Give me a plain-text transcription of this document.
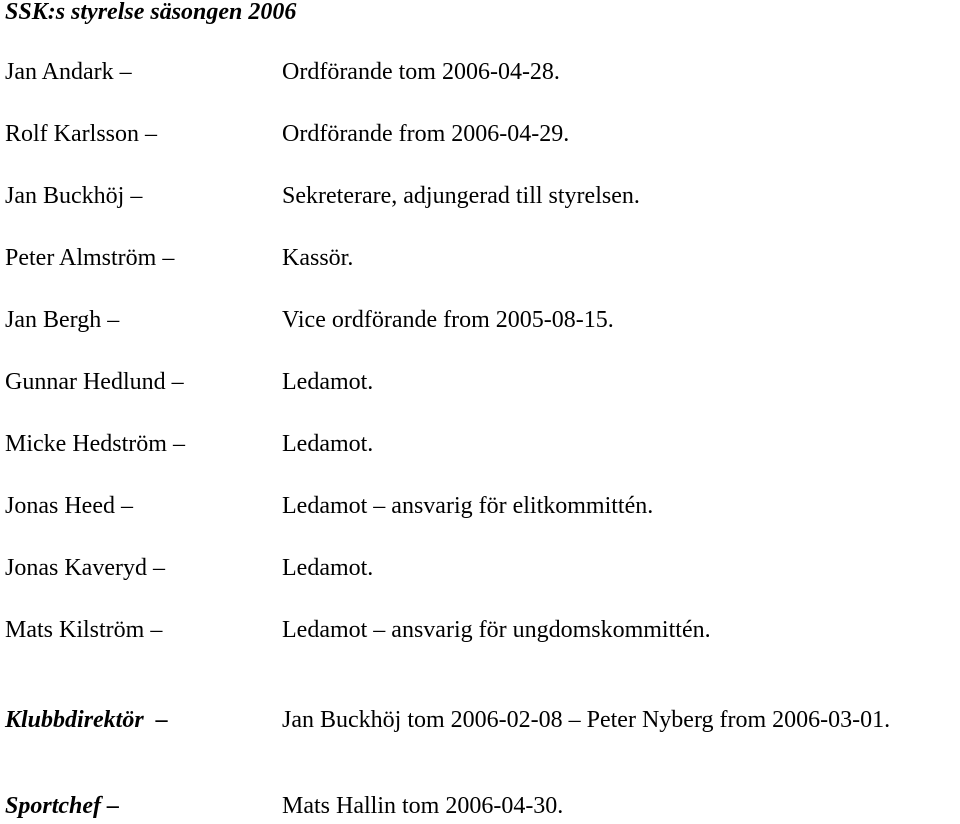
SSK:s styrelse säsongen 2006
Jan Andark –	Ordförande tom 2006-04-28.
Rolf Karlsson –	Ordförande from 2006-04-29.
Jan Buckhöj –	Sekreterare, adjungerad till styrelsen.
Peter Almström –	Kassör.
Jan Bergh –	Vice ordförande from 2005-08-15.
Gunnar Hedlund –	Ledamot.
Micke Hedström –	Ledamot.
Jonas Heed –	Ledamot – ansvarig för elitkommittén.
Jonas Kaveryd –	Ledamot.
Mats Kilström –	Ledamot – ansvarig för ungdomskommittén.
Klubbdirektör –	Jan Buckhöj tom 2006-02-08 – Peter Nyberg from 2006-03-01.
Sportchef –	Mats Hallin tom 2006-04-30.
